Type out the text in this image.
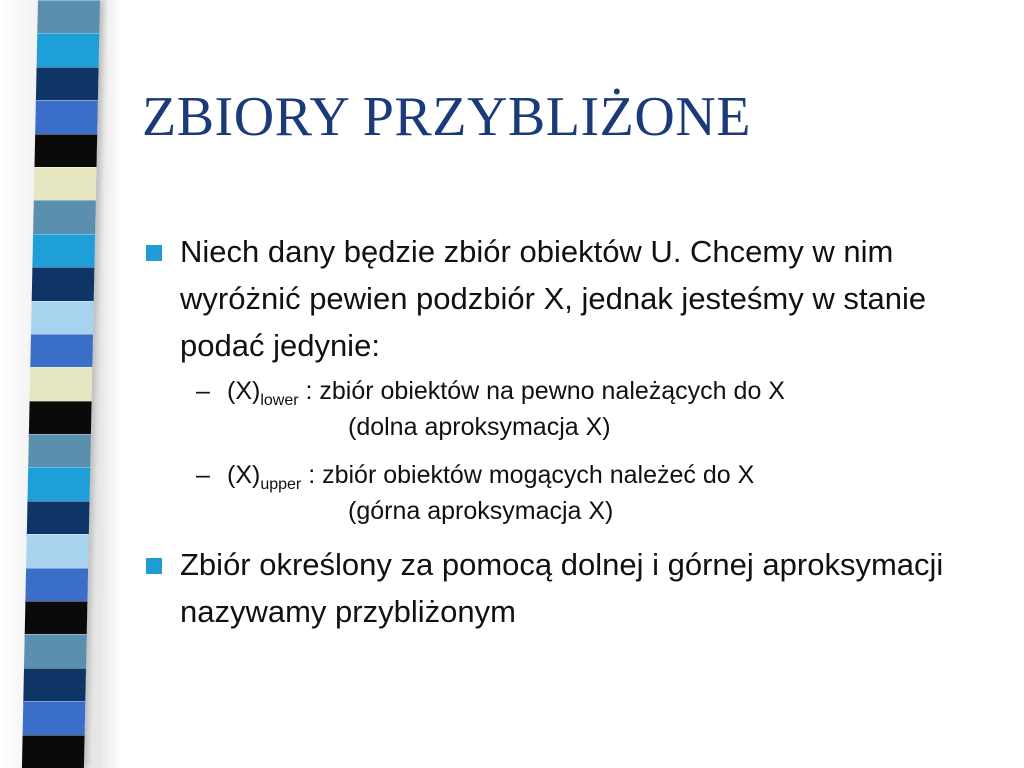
ZBIORY PRZYBLIŻONE
Niech dany będzie zbiór obiektów U. Chcemy w nim wyróżnić pewien podzbiór X, jednak jesteśmy w stanie podać jedynie:
– $(X)_{lower}$ : zbiór obiektów na pewno należących do X
(dolna aproksymacja X)
– $(X)_{upper}$ : zbiór obiektów mogących należeć do X
(górna aproksymacja X)
Zbiór określony za pomocą dolnej i górnej aproksymacji nazywamy przybliżonym
